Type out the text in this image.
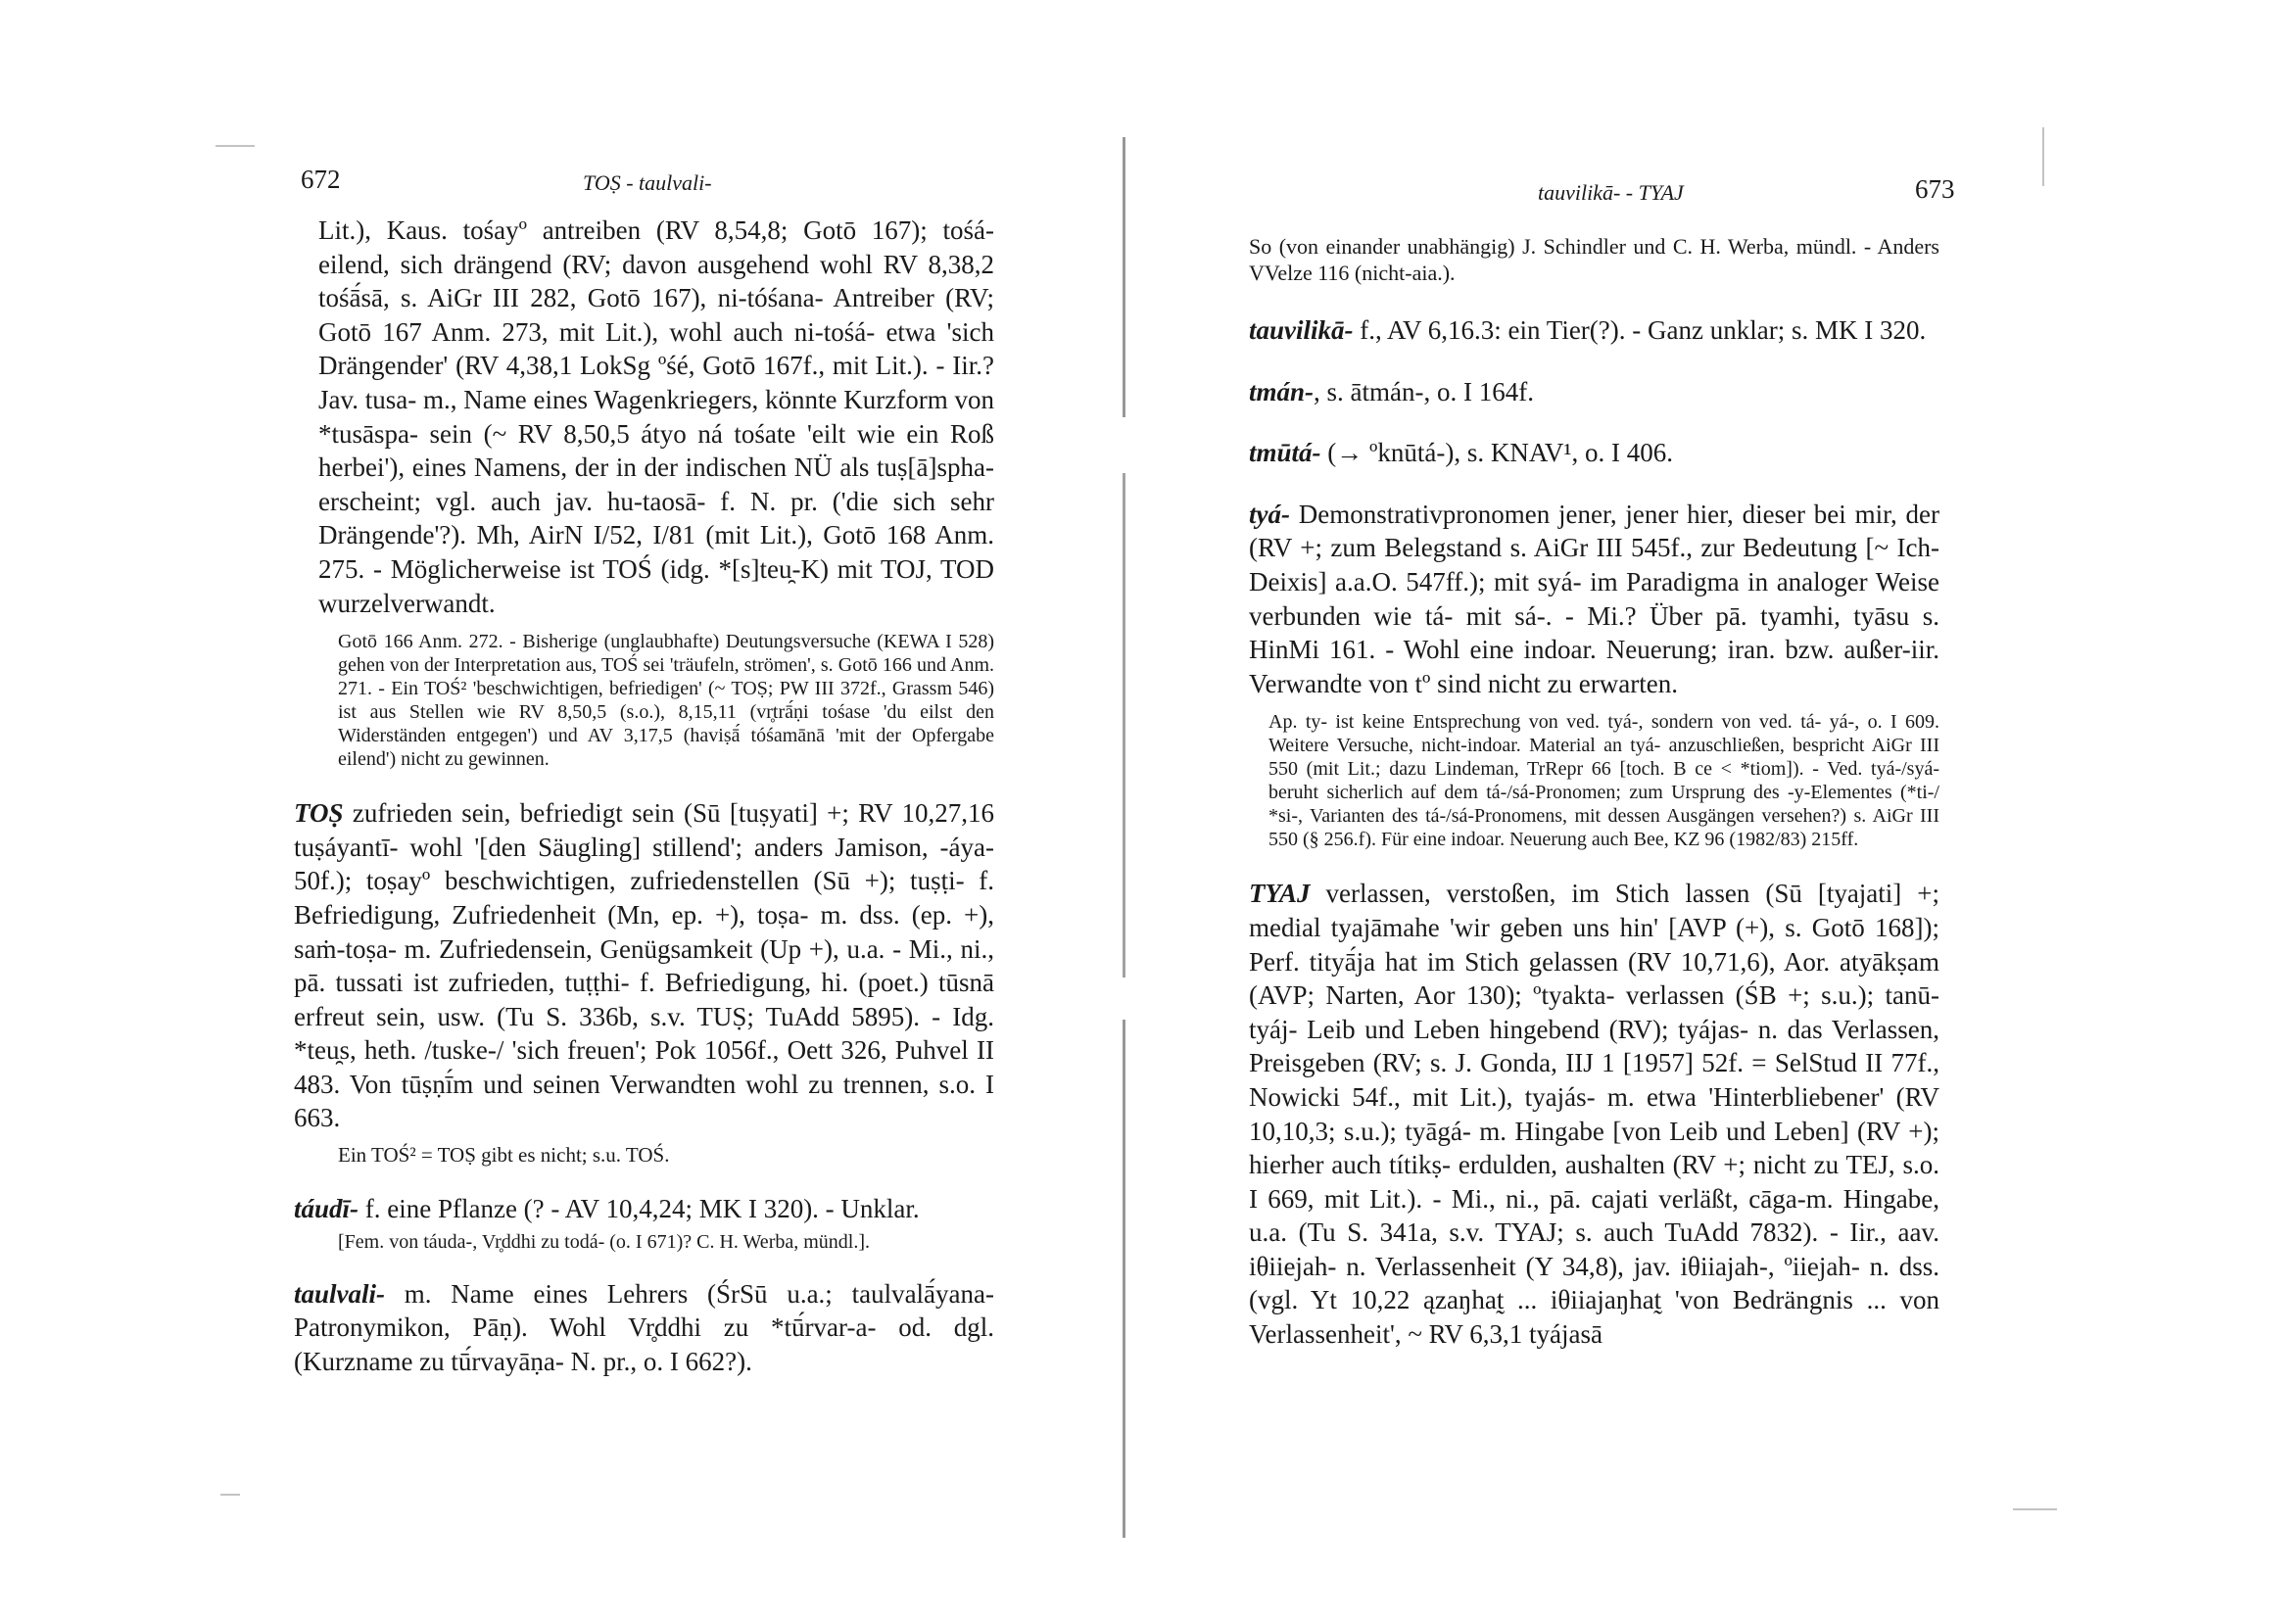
672	TOṢ - taulvali-

Lit.), Kaus. tośayº antreiben (RV 8,54,8; Gotō 167); tośá- eilend, sich drängend (RV; davon ausgehend wohl RV 8,38,2 tośā́sā, s. AiGr III 282, Gotō 167), ni-tóśana- Antreiber (RV; Gotō 167 Anm. 273, mit Lit.), wohl auch ni-tośá- etwa 'sich Drängender' (RV 4,38,1 LokSg ºśé, Gotō 167f., mit Lit.). - Iir.? Jav. tusa- m., Name eines Wagenkriegers, könnte Kurzform von *tusāspa- sein (~ RV 8,50,5 átyo ná tośate 'eilt wie ein Roß herbei'), eines Namens, der in der indischen NÜ als tuṣ[ā]spha- erscheint; vgl. auch jav. hu-taosā- f. N. pr. ('die sich sehr Drängende'?). Mh, AirN I/52, I/81 (mit Lit.), Gotō 168 Anm. 275. - Möglicherweise ist TOŚ (idg. *[s]teu̯-K) mit TOJ, TOD wurzelverwandt.

Gotō 166 Anm. 272. - Bisherige (unglaubhafte) Deutungsversuche (KEWA I 528) gehen von der Interpretation aus, TOŚ sei 'träufeln, strömen', s. Gotō 166 und Anm. 271. - Ein TOŚ² 'beschwichtigen, befriedigen' (~ TOṢ; PW III 372f., Grassm 546) ist aus Stellen wie RV 8,50,5 (s.o.), 8,15,11 (vr̥trā́ṇi tośase 'du eilst den Widerständen entgegen') und AV 3,17,5 (haviṣā́ tóśamānā 'mit der Opfergabe eilend') nicht zu gewinnen.

TOṢ zufrieden sein, befriedigt sein (Sū [tuṣyati] +; RV 10,27,16 tuṣáyantī- wohl '[den Säugling] stillend'; anders Jamison, -áya- 50f.); toṣayº beschwichtigen, zufriedenstellen (Sū +); tuṣṭi- f. Befriedigung, Zufriedenheit (Mn, ep. +), toṣa- m. dss. (ep. +), saṁ-toṣa- m. Zufriedensein, Genügsamkeit (Up +), u.a. - Mi., ni., pā. tussati ist zufrieden, tuṭṭhi- f. Befriedigung, hi. (poet.) tūsnā erfreut sein, usw. (Tu S. 336b, s.v. TUṢ; TuAdd 5895). - Idg. *teu̯s, heth. /tuske-/ 'sich freuen'; Pok 1056f., Oett 326, Puhvel II 483. Von tūṣṇī́m und seinen Verwandten wohl zu trennen, s.o. I 663.

Ein TOŚ² = TOṢ gibt es nicht; s.u. TOŚ.

táudī- f. eine Pflanze (? - AV 10,4,24; MK I 320). - Unklar.

[Fem. von táuda-, Vr̥ddhi zu todá- (o. I 671)? C. H. Werba, mündl.].

taulvali- m. Name eines Lehrers (ŚrSū u.a.; taulvalā́yana- Patronymikon, Pāṇ). Wohl Vr̥ddhi zu *tū́rvar-a- od. dgl. (Kurzname zu tū́rvayāṇa- N. pr., o. I 662?).

tauvilikā- - TYAJ	673

So (von einander unabhängig) J. Schindler und C. H. Werba, mündl. - Anders VVelze 116 (nicht-aia.).

tauvilikā- f., AV 6,16.3: ein Tier(?). - Ganz unklar; s. MK I 320.

tmán-, s. ātmán-, o. I 164f.

tmūtá- (→ ºknūtá-), s. KNAV¹, o. I 406.

tyá- Demonstrativpronomen jener, jener hier, dieser bei mir, der (RV +; zum Belegstand s. AiGr III 545f., zur Bedeutung [~ Ich-Deixis] a.a.O. 547ff.); mit syá- im Paradigma in analoger Weise verbunden wie tá- mit sá-. - Mi.? Über pā. tyamhi, tyāsu s. HinMi 161. - Wohl eine indoar. Neuerung; iran. bzw. außer-iir. Verwandte von tº sind nicht zu erwarten.

Ap. ty- ist keine Entsprechung von ved. tyá-, sondern von ved. tá- yá-, o. I 609. Weitere Versuche, nicht-indoar. Material an tyá- anzuschließen, bespricht AiGr III 550 (mit Lit.; dazu Lindeman, TrRepr 66 [toch. B ce < *tiom]). - Ved. tyá-/syá- beruht sicherlich auf dem tá-/sá-Pronomen; zum Ursprung des -y-Elementes (*ti-/ *si-, Varianten des tá-/sá-Pronomens, mit dessen Ausgängen versehen?) s. AiGr III 550 (§ 256.f). Für eine indoar. Neuerung auch Bee, KZ 96 (1982/83) 215ff.

TYAJ verlassen, verstoßen, im Stich lassen (Sū [tyajati] +; medial tyajāmahe 'wir geben uns hin' [AVP (+), s. Gotō 168]); Perf. tityā́ja hat im Stich gelassen (RV 10,71,6), Aor. atyākṣam (AVP; Narten, Aor 130); ºtyakta- verlassen (ŚB +; s.u.); tanū-tyáj- Leib und Leben hingebend (RV); tyájas- n. das Verlassen, Preisgeben (RV; s. J. Gonda, IIJ 1 [1957] 52f. = SelStud II 77f., Nowicki 54f., mit Lit.), tyajás- m. etwa 'Hinterbliebener' (RV 10,10,3; s.u.); tyāgá- m. Hingabe [von Leib und Leben] (RV +); hierher auch títikṣ- erdulden, aushalten (RV +; nicht zu TEJ, s.o. I 669, mit Lit.). - Mi., ni., pā. cajati verläßt, cāga-m. Hingabe, u.a. (Tu S. 341a, s.v. TYAJ; s. auch TuAdd 7832). - Iir., aav. iθiiejah- n. Verlassenheit (Y 34,8), jav. iθiiajah-, ºiiejah- n. dss. (vgl. Yt 10,22 ązaŋhat̰ ... iθiiajaŋhat̰ 'von Bedrängnis ... von Verlassenheit', ~ RV 6,3,1 tyájasā
